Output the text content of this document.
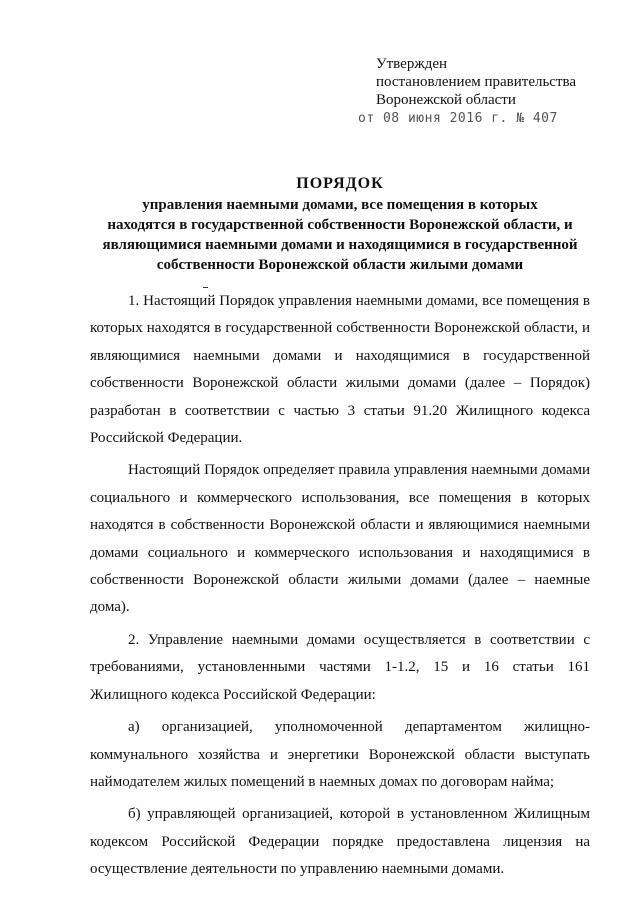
Утвержден
постановлением правительства
Воронежской области
от 08 июня 2016 г. № 407
ПОРЯДОК
управления наемными домами, все помещения в которых
находятся в государственной собственности Воронежской области, и
являющимися наемными домами и находящимися в государственной
собственности Воронежской области жилыми домами

1. Настоящий Порядок управления наемными домами, все помещения в которых находятся в государственной собственности Воронежской области, и являющимися наемными домами и находящимися в государственной собственности Воронежской области жилыми домами (далее – Порядок) разработан в соответствии с частью 3 статьи 91.20 Жилищного кодекса Российской Федерации.

Настоящий Порядок определяет правила управления наемными домами социального и коммерческого использования, все помещения в которых находятся в собственности Воронежской области и являющимися наемными домами социального и коммерческого использования и находящимися в собственности Воронежской области жилыми домами (далее – наемные дома).

2. Управление наемными домами осуществляется в соответствии с требованиями, установленными частями 1-1.2, 15 и 16 статьи 161 Жилищного кодекса Российской Федерации:

а) организацией, уполномоченной департаментом жилищно-коммунального хозяйства и энергетики Воронежской области выступать наймодателем жилых помещений в наемных домах по договорам найма;

б) управляющей организацией, которой в установленном Жилищным кодексом Российской Федерации порядке предоставлена лицензия на осуществление деятельности по управлению наемными домами.
